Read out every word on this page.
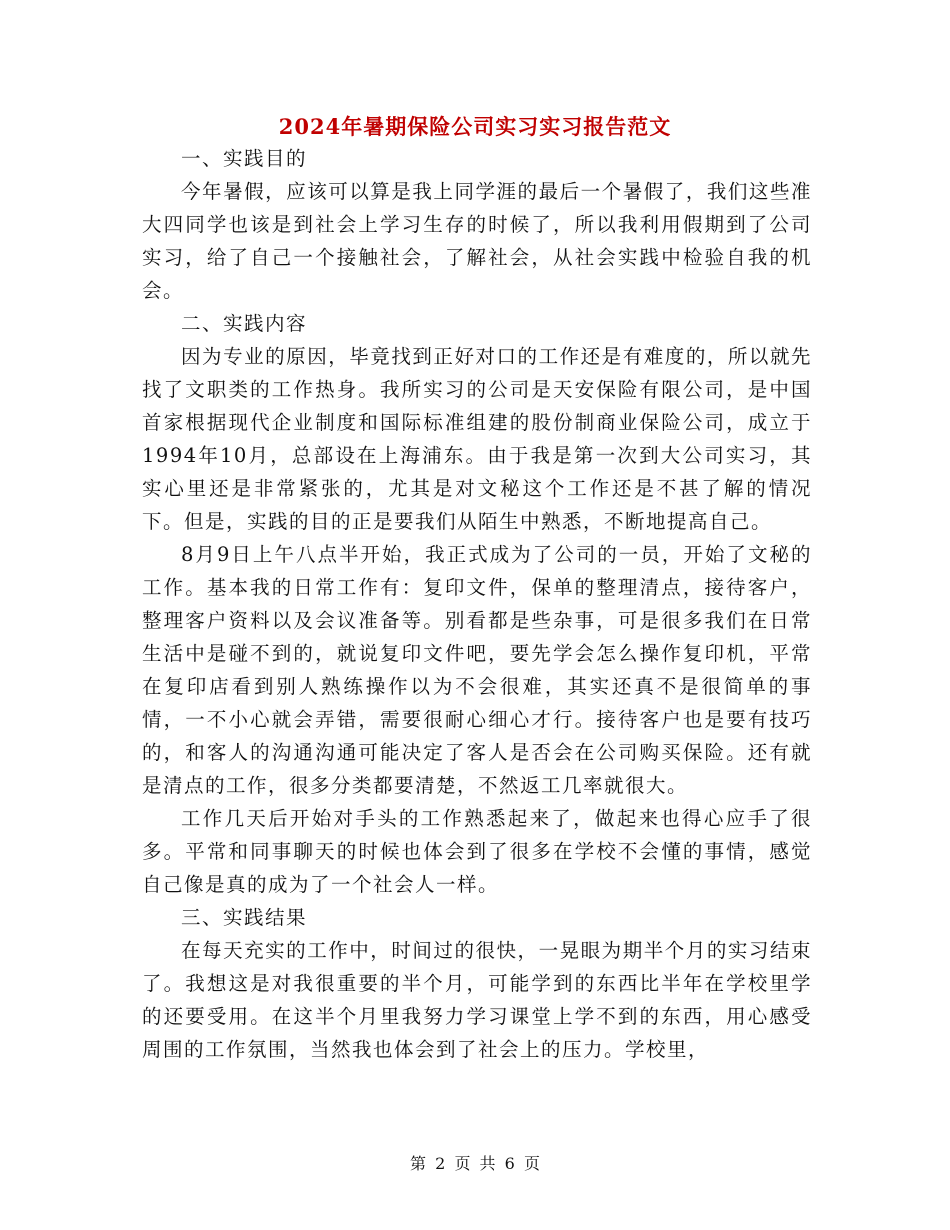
2024年暑期保险公司实习实习报告范文

一、实践目的

今年暑假，应该可以算是我上同学涯的最后一个暑假了，我们这些准大四同学也该是到社会上学习生存的时候了，所以我利用假期到了公司实习，给了自己一个接触社会，了解社会，从社会实践中检验自我的机会。

二、实践内容

因为专业的原因，毕竟找到正好对口的工作还是有难度的，所以就先找了文职类的工作热身。我所实习的公司是天安保险有限公司，是中国首家根据现代企业制度和国际标准组建的股份制商业保险公司，成立于1994年10月，总部设在上海浦东。由于我是第一次到大公司实习，其实心里还是非常紧张的，尤其是对文秘这个工作还是不甚了解的情况下。但是，实践的目的正是要我们从陌生中熟悉，不断地提高自己。

8月9日上午八点半开始，我正式成为了公司的一员，开始了文秘的工作。基本我的日常工作有：复印文件，保单的整理清点，接待客户，整理客户资料以及会议准备等。别看都是些杂事，可是很多我们在日常生活中是碰不到的，就说复印文件吧，要先学会怎么操作复印机，平常在复印店看到别人熟练操作以为不会很难，其实还真不是很简单的事情，一不小心就会弄错，需要很耐心细心才行。接待客户也是要有技巧的，和客人的沟通沟通可能决定了客人是否会在公司购买保险。还有就是清点的工作，很多分类都要清楚，不然返工几率就很大。

工作几天后开始对手头的工作熟悉起来了，做起来也得心应手了很多。平常和同事聊天的时候也体会到了很多在学校不会懂的事情，感觉自己像是真的成为了一个社会人一样。

三、实践结果

在每天充实的工作中，时间过的很快，一晃眼为期半个月的实习结束了。我想这是对我很重要的半个月，可能学到的东西比半年在学校里学的还要受用。在这半个月里我努力学习课堂上学不到的东西，用心感受周围的工作氛围，当然我也体会到了社会上的压力。学校里，

第 2 页 共 6 页
